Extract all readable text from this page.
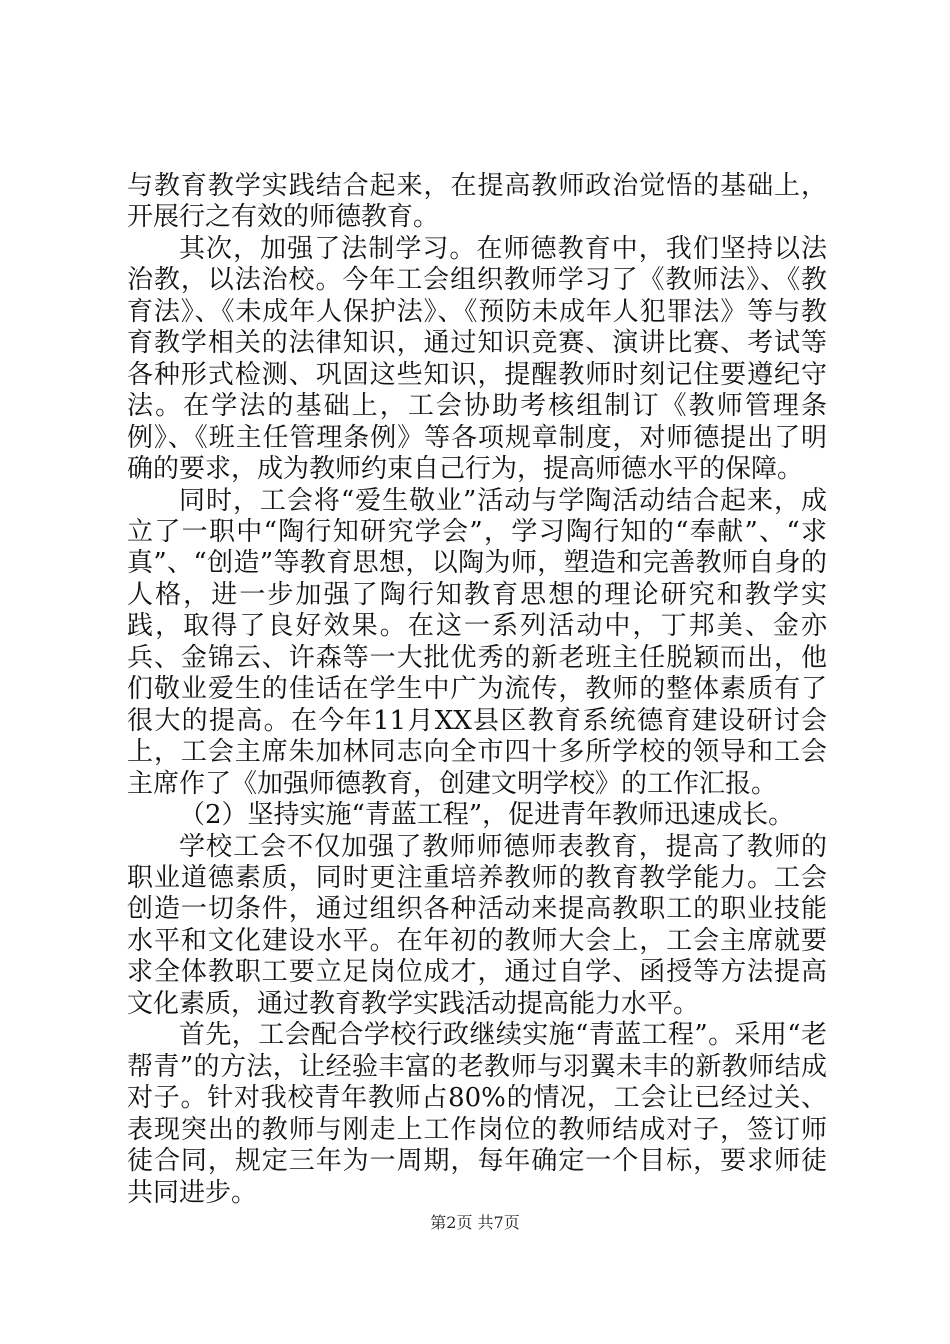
与教育教学实践结合起来，在提高教师政治觉悟的基础上，开展行之有效的师德教育。

其次，加强了法制学习。在师德教育中，我们坚持以法治教，以法治校。今年工会组织教师学习了《教师法》、《教育法》、《未成年人保护法》、《预防未成年人犯罪法》等与教育教学相关的法律知识，通过知识竞赛、演讲比赛、考试等各种形式检测、巩固这些知识，提醒教师时刻记住要遵纪守法。在学法的基础上，工会协助考核组制订《教师管理条例》、《班主任管理条例》等各项规章制度，对师德提出了明确的要求，成为教师约束自己行为，提高师德水平的保障。

同时，工会将“爱生敬业”活动与学陶活动结合起来，成立了一职中“陶行知研究学会”，学习陶行知的“奉献”、“求真”、“创造”等教育思想，以陶为师，塑造和完善教师自身的人格，进一步加强了陶行知教育思想的理论研究和教学实践，取得了良好效果。在这一系列活动中，丁邦美、金亦兵、金锦云、许森等一大批优秀的新老班主任脱颖而出，他们敬业爱生的佳话在学生中广为流传，教师的整体素质有了很大的提高。在今年11月XX县区教育系统德育建设研讨会上，工会主席朱加林同志向全市四十多所学校的领导和工会主席作了《加强师德教育，创建文明学校》的工作汇报。

（2）坚持实施“青蓝工程”，促进青年教师迅速成长。

学校工会不仅加强了教师师德师表教育，提高了教师的职业道德素质，同时更注重培养教师的教育教学能力。工会创造一切条件，通过组织各种活动来提高教职工的职业技能水平和文化建设水平。在年初的教师大会上，工会主席就要求全体教职工要立足岗位成才，通过自学、函授等方法提高文化素质，通过教育教学实践活动提高能力水平。

首先，工会配合学校行政继续实施“青蓝工程”。采用“老帮青”的方法，让经验丰富的老教师与羽翼未丰的新教师结成对子。针对我校青年教师占80%的情况，工会让已经过关、表现突出的教师与刚走上工作岗位的教师结成对子，签订师徒合同，规定三年为一周期，每年确定一个目标，要求师徒共同进步。

第2页 共7页
